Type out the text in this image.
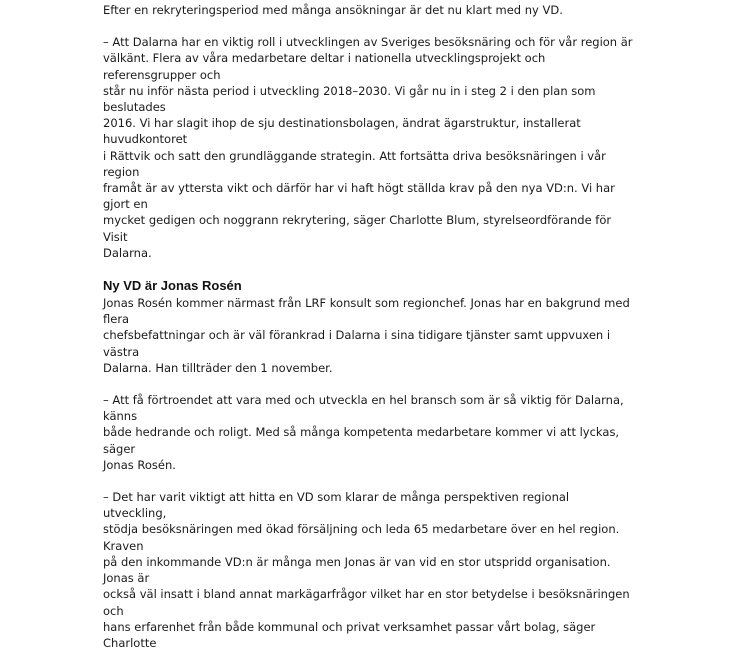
Efter en rekryteringsperiod med många ansökningar är det nu klart med ny VD.

– Att Dalarna har en viktig roll i utvecklingen av Sveriges besöksnäring och för vår region är
välkänt. Flera av våra medarbetare deltar i nationella utvecklingsprojekt och referensgrupper och
står nu inför nästa period i utveckling 2018–2030. Vi går nu in i steg 2 i den plan som beslutades
2016. Vi har slagit ihop de sju destinationsbolagen, ändrat ägarstruktur, installerat huvudkontoret
i Rättvik och satt den grundläggande strategin. Att fortsätta driva besöksnäringen i vår region
framåt är av yttersta vikt och därför har vi haft högt ställda krav på den nya VD:n. Vi har gjort en
mycket gedigen och noggrann rekrytering, säger Charlotte Blum, styrelseordförande för Visit
Dalarna.

Ny VD är Jonas Rosén

Jonas Rosén kommer närmast från LRF konsult som regionchef. Jonas har en bakgrund med flera
chefsbefattningar och är väl förankrad i Dalarna i sina tidigare tjänster samt uppvuxen i västra
Dalarna. Han tillträder den 1 november.

– Att få förtroendet att vara med och utveckla en hel bransch som är så viktig för Dalarna, känns
både hedrande och roligt. Med så många kompetenta medarbetare kommer vi att lyckas, säger
Jonas Rosén.

– Det har varit viktigt att hitta en VD som klarar de många perspektiven regional utveckling,
stödja besöksnäringen med ökad försäljning och leda 65 medarbetare över en hel region. Kraven
på den inkommande VD:n är många men Jonas är van vid en stor utspridd organisation. Jonas är
också väl insatt i bland annat markägarfrågor vilket har en stor betydelse i besöksnäringen och
hans erfarenhet från både kommunal och privat verksamhet passar vårt bolag, säger Charlotte
